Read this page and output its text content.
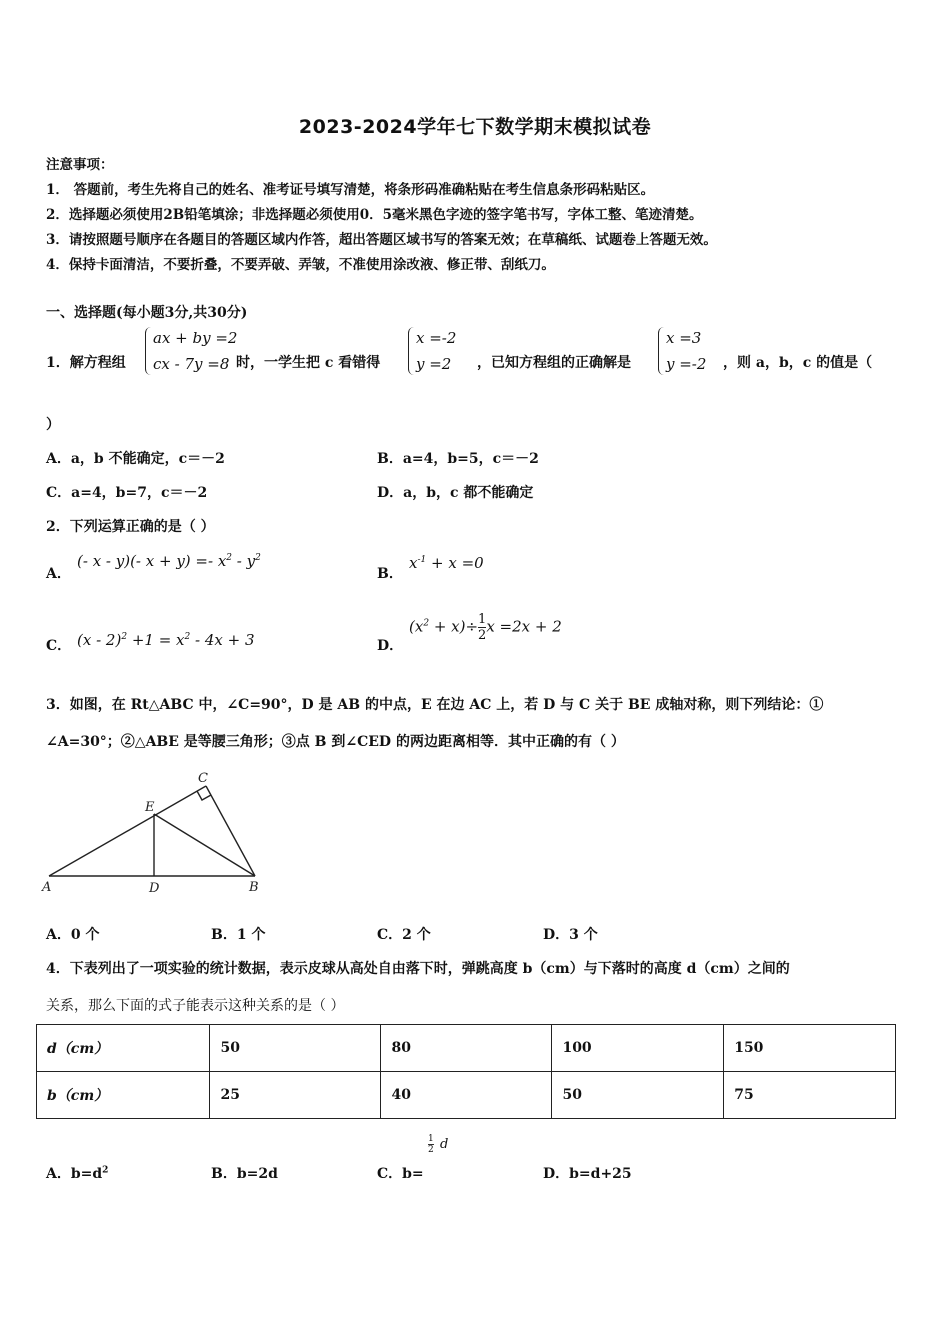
2023-2024学年七下数学期末模拟试卷
注意事项：
1． 答题前，考生先将自己的姓名、准考证号填写清楚，将条形码准确粘贴在考生信息条形码粘贴区。
2．选择题必须使用2B铅笔填涂；非选择题必须使用0．5毫米黑色字迹的签字笔书写，字体工整、笔迹清楚。
3．请按照题号顺序在各题目的答题区域内作答，超出答题区域书写的答案无效；在草稿纸、试题卷上答题无效。
4．保持卡面清洁，不要折叠，不要弄破、弄皱，不准使用涂改液、修正带、刮纸刀。
一、选择题(每小题3分,共30分)
1．解方程组
ax + by =2
cx - 7y =8 时，一学生把 c 看错得
x =-2
y =2	，已知方程组的正确解是
x =3
y =-2 ，则 a，b，c 的值是（
）
A．a，b 不能确定，c＝－2	B．a=4，b=5，c＝－2
C．a=4，b=7，c＝－2	D．a，b，c 都不能确定
2．下列运算正确的是（ ）
A．
(- x - y)(- $x + y) =- x^2 - y^2$
B．
$x^{-1} + x =0$
C． $(x - 2)^2 +1 = x^2 - 4x + 3$	D．
$(x^2 + x)\div \frac{1}{2}$ x =2x + 2
3．如图，在 Rt△ABC 中，∠C=90°，D 是 AB 的中点，E 在边 AC 上，若 D 与 C 关于 BE 成轴对称，则下列结论：①
∠A=30°；②△ABE 是等腰三角形；③点 B 到∠CED 的两边距离相等．其中正确的有（ ）
A	B
C
D
E
A．0 个	B．1 个	C．2 个	D．3 个
4．下表列出了一项实验的统计数据，表示皮球从高处自由落下时，弹跳高度 b（cm）与下落时的高度 d（cm）之间的
关系，那么下面的式子能表示这种关系的是（ ）
d（cm）	50	80	100	150
b（cm）	25	40	50	75
A．$b=d^2$	B．b=2d	C．b=
$\frac{1}{2}$ d
D．b=d+25
